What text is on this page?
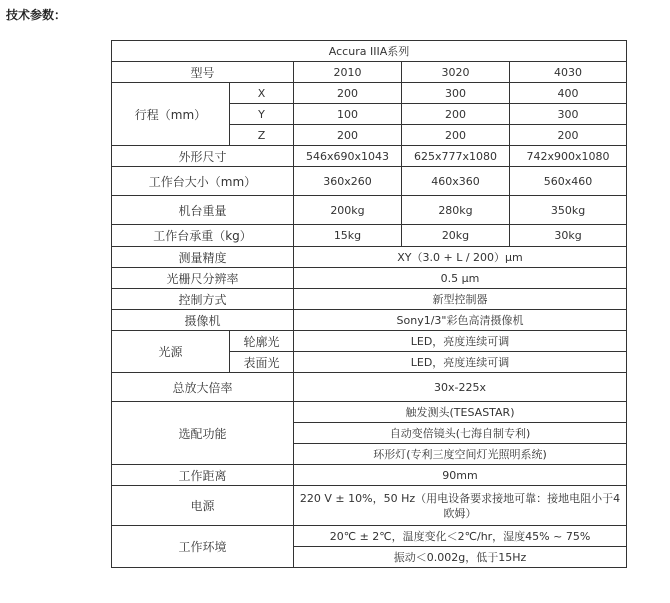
技术参数：
Accura IIIA系列				
型号		2010	3020	4030
行程（mm）	X	200	300	400
	Y	100	200	300
	Z	200	200	200
外形尺寸		546x690x1043	625x777x1080	742x900x1080
工作台大小（mm）		360x260	460x360	560x460
机台重量		200kg	280kg	350kg
工作台承重（kg）		15kg	20kg	30kg
测量精度		XY（3.0 + L / 200）μm		
光栅尺分辨率		0.5 μm		
控制方式		新型控制器		
摄像机		Sony1/3"彩色高清摄像机		
光源	轮廓光	LED，亮度连续可调		
	表面光	LED，亮度连续可调		
总放大倍率		30x-225x		
选配功能		触发测头(TESASTAR)		
		自动变倍镜头(七海自制专利)		
		环形灯(专利三度空间灯光照明系统)		
工作距离		90mm		
电源		220 V ± 10%，50 Hz（用电设备要求接地可靠：接地电阻小于4欧姆）		
工作环境		20℃ ± 2℃，温度变化＜2℃/hr，湿度45% ~ 75%		
		振动＜0.002g，低于15Hz		
